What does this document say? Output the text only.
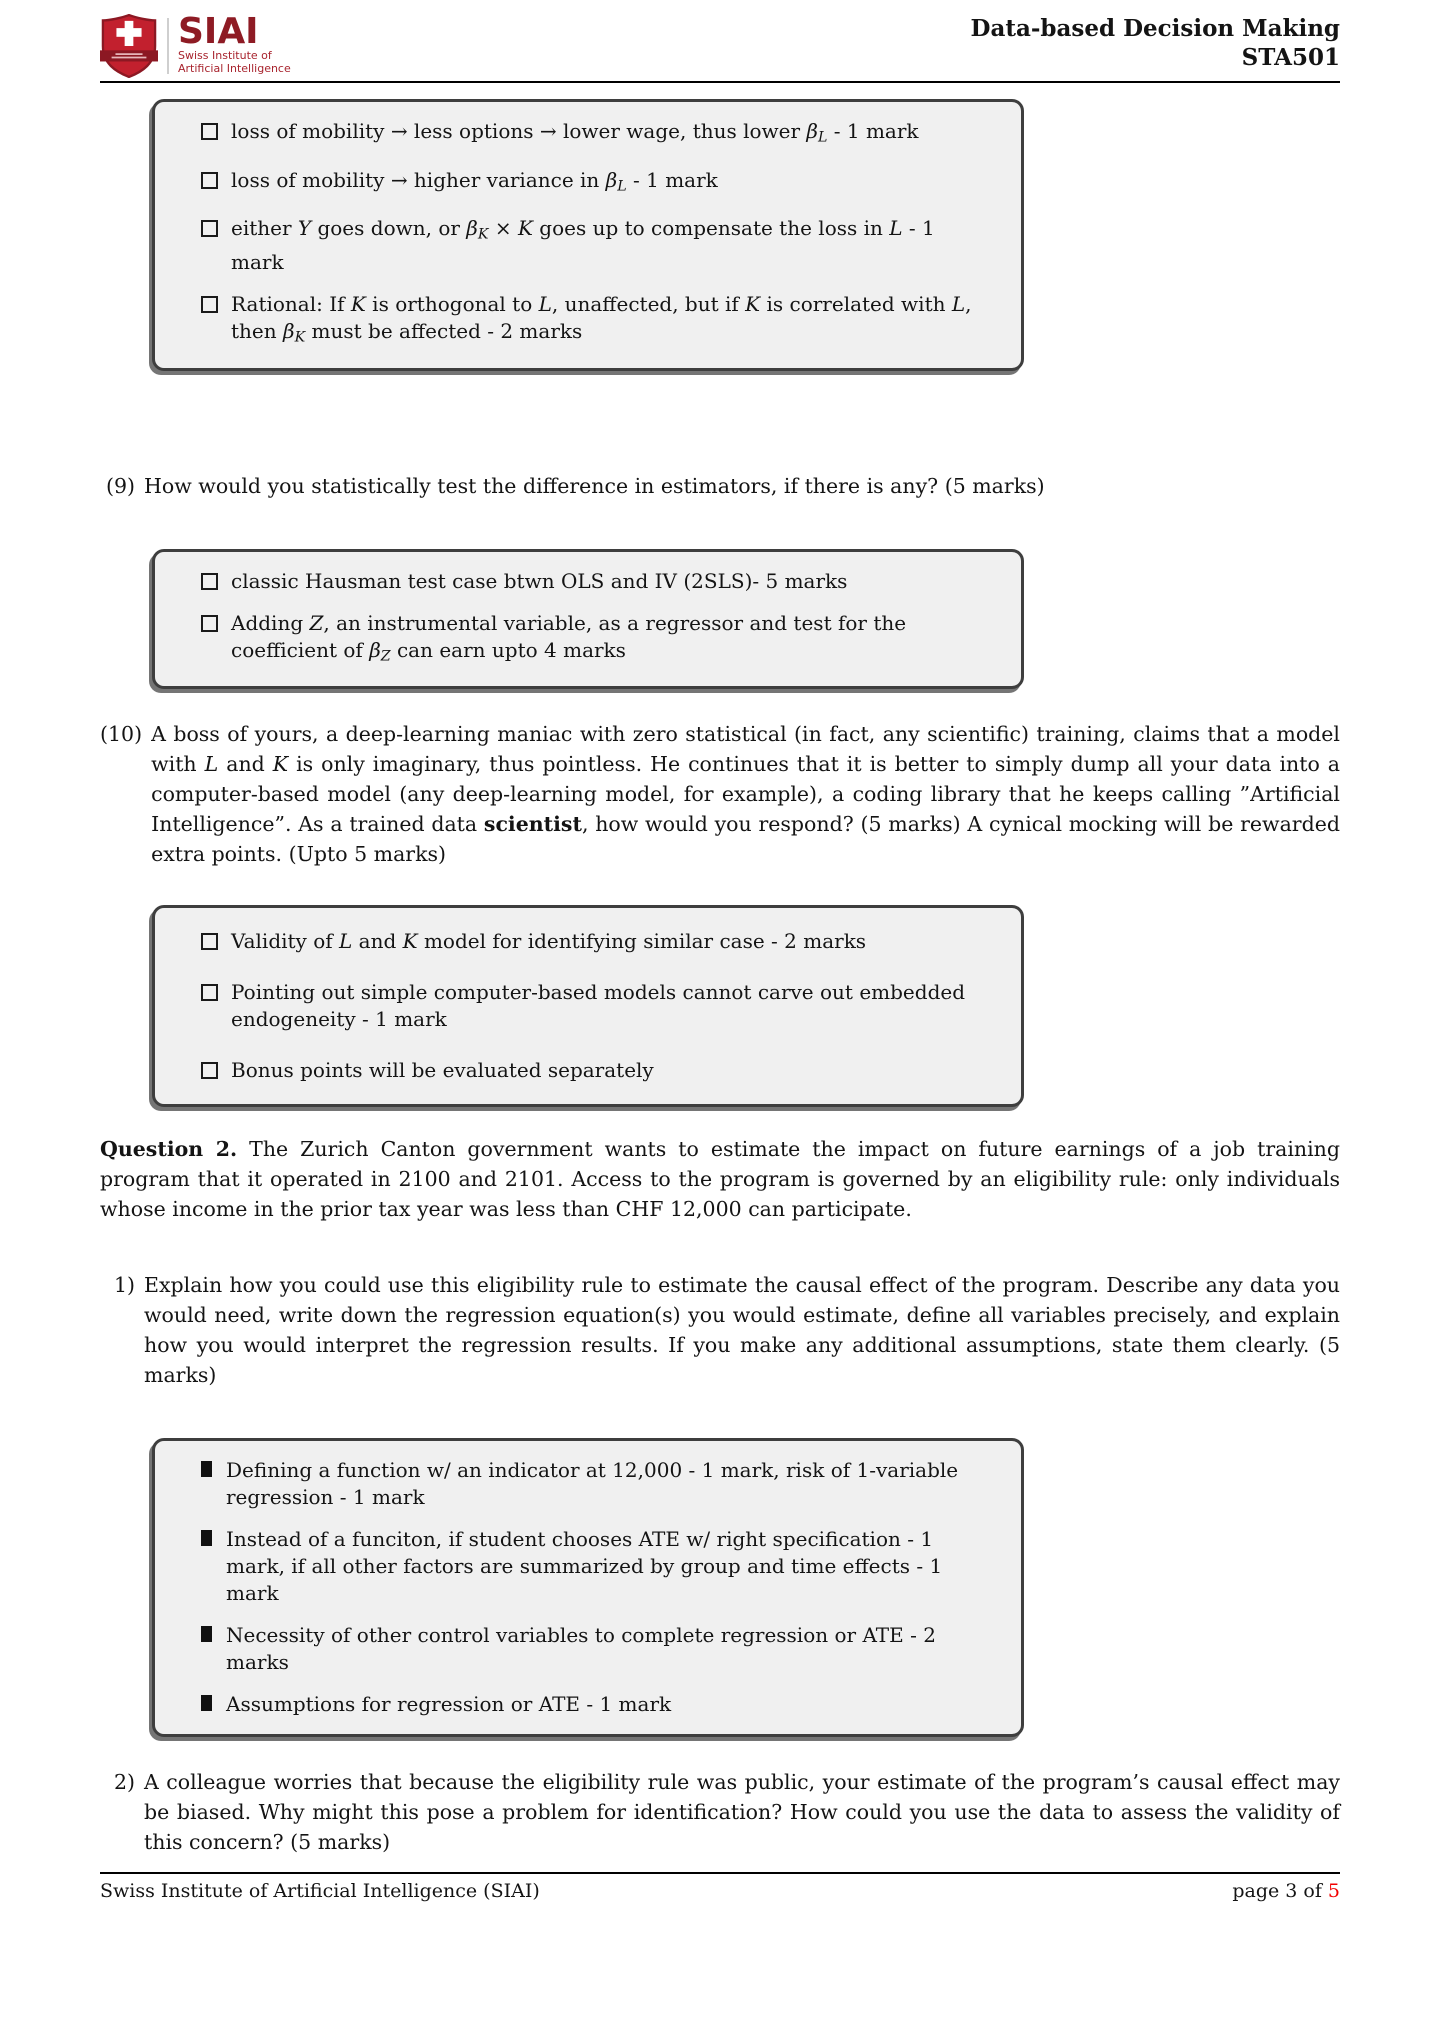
SIAI
Swiss Institute of
Artificial Intelligence
Data-based Decision Making
STA501
loss of mobility → less options → lower wage, thus lower βL - 1 mark
loss of mobility → higher variance in βL - 1 mark
either Y goes down, or βK × K goes up to compensate the loss in L - 1 mark
Rational: If K is orthogonal to L, unaffected, but if K is correlated with L, then βK must be affected - 2 marks
(9) How would you statistically test the difference in estimators, if there is any? (5 marks)
classic Hausman test case btwn OLS and IV (2SLS)- 5 marks
Adding Z, an instrumental variable, as a regressor and test for the coefficient of βZ can earn upto 4 marks
(10) A boss of yours, a deep-learning maniac with zero statistical (in fact, any scientific) training, claims that a model with L and K is only imaginary, thus pointless. He continues that it is better to simply dump all your data into a computer-based model (any deep-learning model, for example), a coding library that he keeps calling ”Artificial Intelligence”. As a trained data scientist, how would you respond? (5 marks) A cynical mocking will be rewarded extra points. (Upto 5 marks)
Validity of L and K model for identifying similar case - 2 marks
Pointing out simple computer-based models cannot carve out embedded endogeneity - 1 mark
Bonus points will be evaluated separately

Question 2. The Zurich Canton government wants to estimate the impact on future earnings of a job training program that it operated in 2100 and 2101. Access to the program is governed by an eligibility rule: only individuals whose income in the prior tax year was less than CHF 12,000 can participate.

1) Explain how you could use this eligibility rule to estimate the causal effect of the program. Describe any data you would need, write down the regression equation(s) you would estimate, define all variables precisely, and explain how you would interpret the regression results. If you make any additional assumptions, state them clearly. (5 marks)
Defining a function w/ an indicator at 12,000 - 1 mark, risk of 1-variable regression - 1 mark
Instead of a funciton, if student chooses ATE w/ right specification - 1 mark, if all other factors are summarized by group and time effects - 1 mark
Necessity of other control variables to complete regression or ATE - 2 marks
Assumptions for regression or ATE - 1 mark
2) A colleague worries that because the eligibility rule was public, your estimate of the program’s causal effect may be biased. Why might this pose a problem for identification? How could you use the data to assess the validity of this concern? (5 marks)
Swiss Institute of Artificial Intelligence (SIAI)	page 3 of 5
